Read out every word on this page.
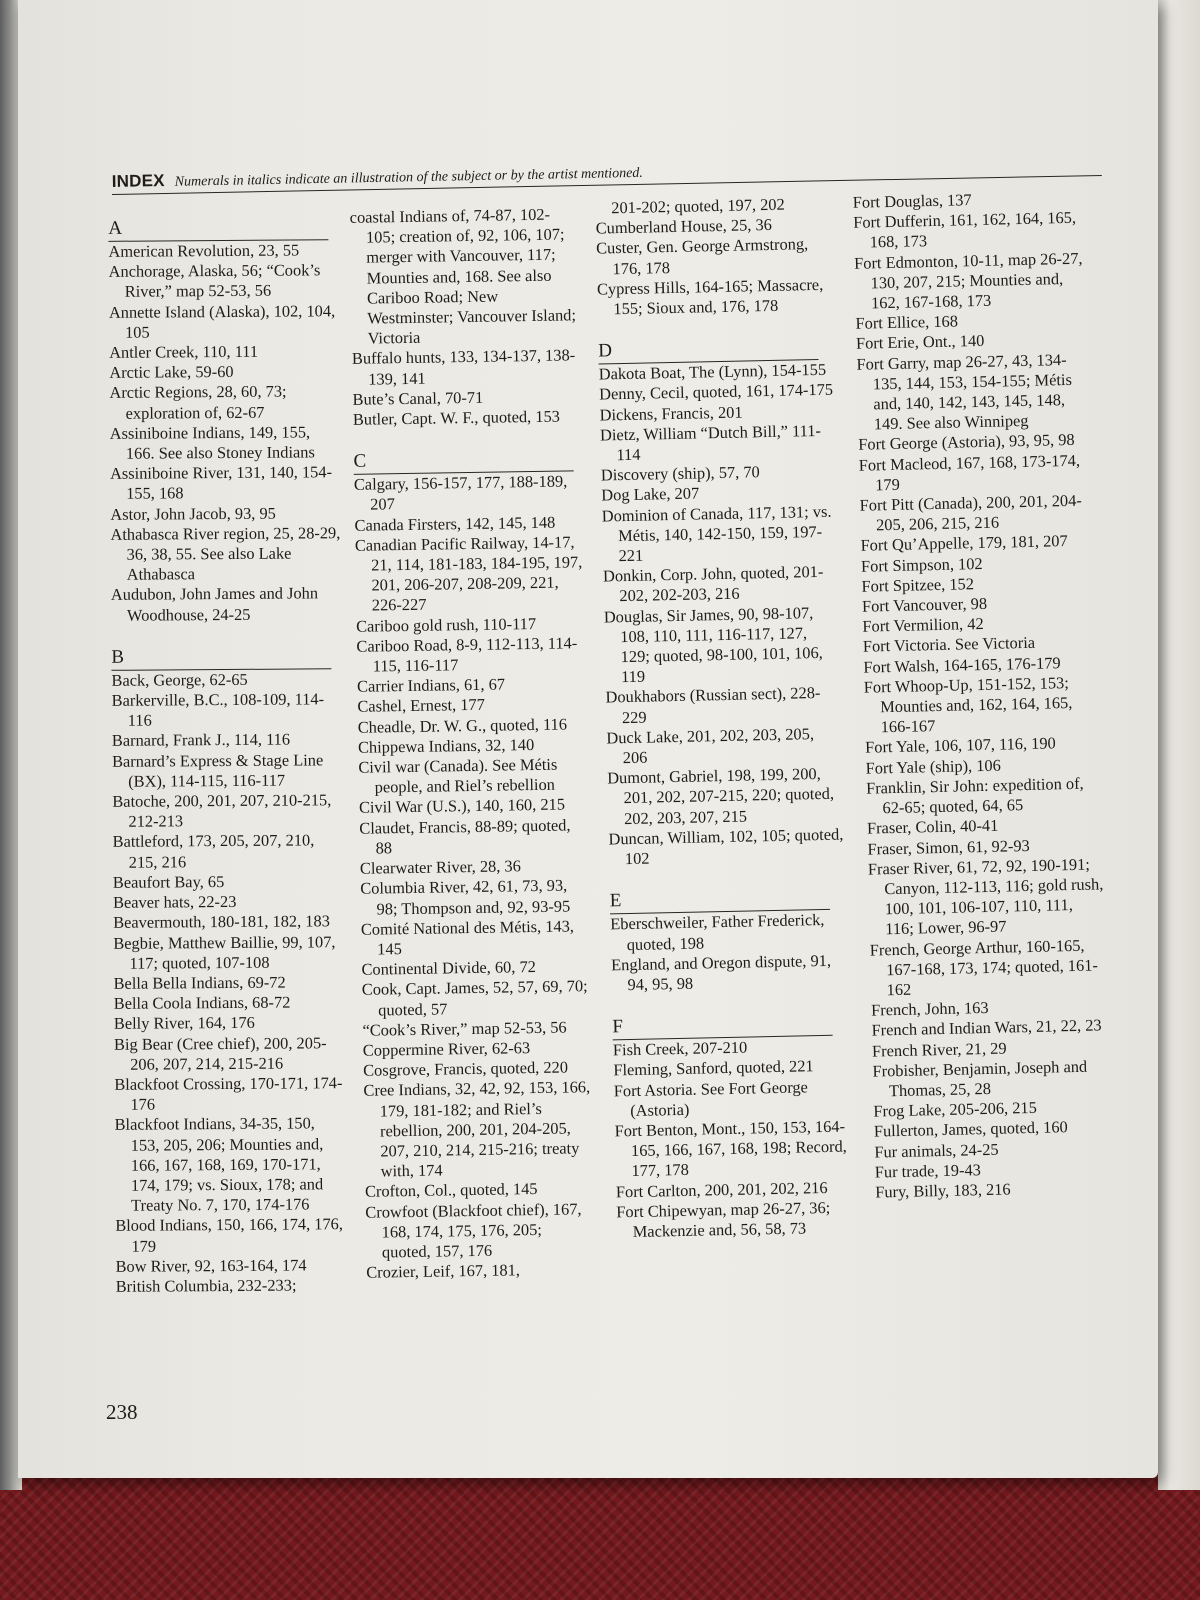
INDEX Numerals in italics indicate an illustration of the subject or by the artist mentioned.
A
American Revolution, 23, 55
Anchorage, Alaska, 56; “Cook’s River,” map 52-53, 56
Annette Island (Alaska), 102, 104, 105
Antler Creek, 110, 111
Arctic Lake, 59-60
Arctic Regions, 28, 60, 73; exploration of, 62-67
Assiniboine Indians, 149, 155, 166. See also Stoney Indians
Assiniboine River, 131, 140, 154-155, 168
Astor, John Jacob, 93, 95
Athabasca River region, 25, 28-29, 36, 38, 55. See also Lake Athabasca
Audubon, John James and John Woodhouse, 24-25
B
Back, George, 62-65
Barkerville, B.C., 108-109, 114-116
Barnard, Frank J., 114, 116
Barnard’s Express & Stage Line (BX), 114-115, 116-117
Batoche, 200, 201, 207, 210-215, 212-213
Battleford, 173, 205, 207, 210, 215, 216
Beaufort Bay, 65
Beaver hats, 22-23
Beavermouth, 180-181, 182, 183
Begbie, Matthew Baillie, 99, 107, 117; quoted, 107-108
Bella Bella Indians, 69-72
Bella Coola Indians, 68-72
Belly River, 164, 176
Big Bear (Cree chief), 200, 205-206, 207, 214, 215-216
Blackfoot Crossing, 170-171, 174-176
Blackfoot Indians, 34-35, 150, 153, 205, 206; Mounties and, 166, 167, 168, 169, 170-171, 174, 179; vs. Sioux, 178; and Treaty No. 7, 170, 174-176
Blood Indians, 150, 166, 174, 176, 179
Bow River, 92, 163-164, 174
British Columbia, 232-233;
coastal Indians of, 74-87, 102-105; creation of, 92, 106, 107; merger with Vancouver, 117; Mounties and, 168. See also Cariboo Road; New Westminster; Vancouver Island; Victoria
Buffalo hunts, 133, 134-137, 138-139, 141
Bute’s Canal, 70-71
Butler, Capt. W. F., quoted, 153
C
Calgary, 156-157, 177, 188-189, 207
Canada Firsters, 142, 145, 148
Canadian Pacific Railway, 14-17, 21, 114, 181-183, 184-195, 197, 201, 206-207, 208-209, 221, 226-227
Cariboo gold rush, 110-117
Cariboo Road, 8-9, 112-113, 114-115, 116-117
Carrier Indians, 61, 67
Cashel, Ernest, 177
Cheadle, Dr. W. G., quoted, 116
Chippewa Indians, 32, 140
Civil war (Canada). See Métis people, and Riel’s rebellion
Civil War (U.S.), 140, 160, 215
Claudet, Francis, 88-89; quoted, 88
Clearwater River, 28, 36
Columbia River, 42, 61, 73, 93, 98; Thompson and, 92, 93-95
Comité National des Métis, 143, 145
Continental Divide, 60, 72
Cook, Capt. James, 52, 57, 69, 70; quoted, 57
“Cook’s River,” map 52-53, 56
Coppermine River, 62-63
Cosgrove, Francis, quoted, 220
Cree Indians, 32, 42, 92, 153, 166, 179, 181-182; and Riel’s rebellion, 200, 201, 204-205, 207, 210, 214, 215-216; treaty with, 174
Crofton, Col., quoted, 145
Crowfoot (Blackfoot chief), 167, 168, 174, 175, 176, 205; quoted, 157, 176
Crozier, Leif, 167, 181,
201-202; quoted, 197, 202
Cumberland House, 25, 36
Custer, Gen. George Armstrong, 176, 178
Cypress Hills, 164-165; Massacre, 155; Sioux and, 176, 178
D
Dakota Boat, The (Lynn), 154-155
Denny, Cecil, quoted, 161, 174-175
Dickens, Francis, 201
Dietz, William “Dutch Bill,” 111-114
Discovery (ship), 57, 70
Dog Lake, 207
Dominion of Canada, 117, 131; vs. Métis, 140, 142-150, 159, 197-221
Donkin, Corp. John, quoted, 201-202, 202-203, 216
Douglas, Sir James, 90, 98-107, 108, 110, 111, 116-117, 127, 129; quoted, 98-100, 101, 106, 119
Doukhabors (Russian sect), 228-229
Duck Lake, 201, 202, 203, 205, 206
Dumont, Gabriel, 198, 199, 200, 201, 202, 207-215, 220; quoted, 202, 203, 207, 215
Duncan, William, 102, 105; quoted, 102
E
Eberschweiler, Father Frederick, quoted, 198
England, and Oregon dispute, 91, 94, 95, 98
F
Fish Creek, 207-210
Fleming, Sanford, quoted, 221
Fort Astoria. See Fort George (Astoria)
Fort Benton, Mont., 150, 153, 164-165, 166, 167, 168, 198; Record, 177, 178
Fort Carlton, 200, 201, 202, 216
Fort Chipewyan, map 26-27, 36; Mackenzie and, 56, 58, 73
Fort Douglas, 137
Fort Dufferin, 161, 162, 164, 165, 168, 173
Fort Edmonton, 10-11, map 26-27, 130, 207, 215; Mounties and, 162, 167-168, 173
Fort Ellice, 168
Fort Erie, Ont., 140
Fort Garry, map 26-27, 43, 134-135, 144, 153, 154-155; Métis and, 140, 142, 143, 145, 148, 149. See also Winnipeg
Fort George (Astoria), 93, 95, 98
Fort Macleod, 167, 168, 173-174, 179
Fort Pitt (Canada), 200, 201, 204-205, 206, 215, 216
Fort Qu’Appelle, 179, 181, 207
Fort Simpson, 102
Fort Spitzee, 152
Fort Vancouver, 98
Fort Vermilion, 42
Fort Victoria. See Victoria
Fort Walsh, 164-165, 176-179
Fort Whoop-Up, 151-152, 153; Mounties and, 162, 164, 165, 166-167
Fort Yale, 106, 107, 116, 190
Fort Yale (ship), 106
Franklin, Sir John: expedition of, 62-65; quoted, 64, 65
Fraser, Colin, 40-41
Fraser, Simon, 61, 92-93
Fraser River, 61, 72, 92, 190-191; Canyon, 112-113, 116; gold rush, 100, 101, 106-107, 110, 111, 116; Lower, 96-97
French, George Arthur, 160-165, 167-168, 173, 174; quoted, 161-162
French, John, 163
French and Indian Wars, 21, 22, 23
French River, 21, 29
Frobisher, Benjamin, Joseph and Thomas, 25, 28
Frog Lake, 205-206, 215
Fullerton, James, quoted, 160
Fur animals, 24-25
Fur trade, 19-43
Fury, Billy, 183, 216
238
